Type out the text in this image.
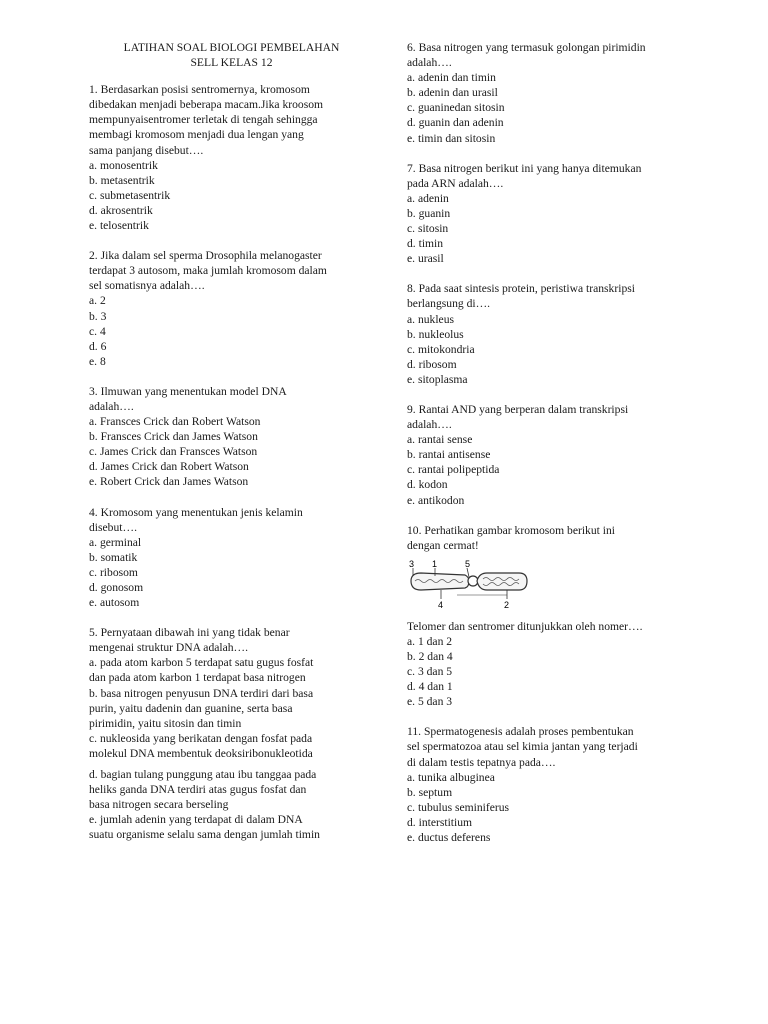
LATIHAN SOAL BIOLOGI PEMBELAHAN
SELL KELAS 12

1. Berdasarkan posisi sentromernya, kromosom
dibedakan menjadi beberapa macam.Jika kroosom
mempunyaisentromer terletak di tengah sehingga
membagi kromosom menjadi dua lengan yang
sama panjang disebut….

a. monosentrik
b. metasentrik
c. submetasentrik
d. akrosentrik
e. telosentrik

2. Jika dalam sel sperma Drosophila melanogaster
terdapat 3 autosom, maka jumlah kromosom dalam
sel somatisnya adalah….

a. 2
b. 3
c. 4
d. 6
e. 8

3. Ilmuwan yang menentukan model DNA
adalah….

a. Fransces Crick dan Robert Watson
b. Fransces Crick dan James Watson
c. James Crick dan Fransces Watson
d. James Crick dan Robert Watson
e. Robert Crick dan James Watson

4. Kromosom yang menentukan jenis kelamin
disebut….

a. germinal
b. somatik
c. ribosom
d. gonosom
e. autosom

5. Pernyataan dibawah ini yang tidak benar
mengenai struktur DNA adalah….

a. pada atom karbon 5 terdapat satu gugus fosfat
dan pada atom karbon 1 terdapat basa nitrogen
b. basa nitrogen penyusun DNA terdiri dari basa
purin, yaitu dadenin dan guanine, serta basa
pirimidin, yaitu sitosin dan timin
c. nukleosida yang berikatan dengan fosfat pada
molekul DNA membentuk deoksiribonukleotida
d. bagian tulang punggung atau ibu tanggaa pada
heliks ganda DNA terdiri atas gugus fosfat dan
basa nitrogen secara berseling
e. jumlah adenin yang terdapat di dalam DNA
suatu organisme selalu sama dengan jumlah timin

6. Basa nitrogen yang termasuk golongan pirimidin
adalah….

a. adenin dan timin
b. adenin dan urasil
c. guaninedan sitosin
d. guanin dan adenin
e. timin dan sitosin

7. Basa nitrogen berikut ini yang hanya ditemukan
pada ARN adalah….

a. adenin
b. guanin
c. sitosin
d. timin
e. urasil

8. Pada saat sintesis protein, peristiwa transkripsi
berlangsung di….

a. nukleus
b. nukleolus
c. mitokondria
d. ribosom
e. sitoplasma

9. Rantai AND yang berperan dalam transkripsi
adalah….

a. rantai sense
b. rantai antisense
c. rantai polipeptida
d. kodon
e. antikodon

10. Perhatikan gambar kromosom berikut ini
dengan cermat!

3 1	5
4	2

Telomer dan sentromer ditunjukkan oleh nomer….

a. 1 dan 2
b. 2 dan 4
c. 3 dan 5
d. 4 dan 1
e. 5 dan 3

11. Spermatogenesis adalah proses pembentukan
sel spermatozoa atau sel kimia jantan yang terjadi
di dalam testis tepatnya pada….

a. tunika albuginea
b. septum
c. tubulus seminiferus
d. interstitium
e. ductus deferens
